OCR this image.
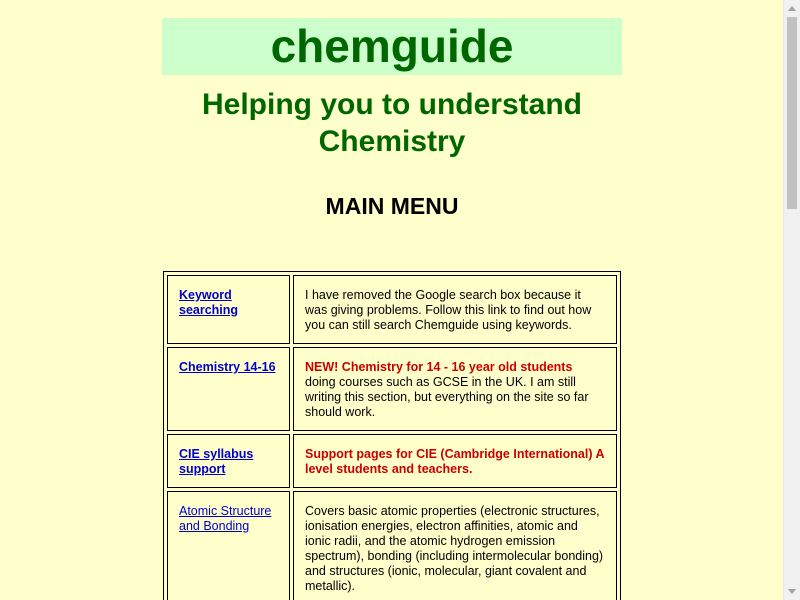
chemguide
Helping you to understand Chemistry
MAIN MENU
Keyword searching	I have removed the Google search box because it was giving problems. Follow this link to find out how you can still search Chemguide using keywords.
Chemistry 14-16	NEW! Chemistry for 14 - 16 year old students doing courses such as GCSE in the UK. I am still writing this section, but everything on the site so far should work.
CIE syllabus support	Support pages for CIE (Cambridge International) A level students and teachers.
Atomic Structure and Bonding	Covers basic atomic properties (electronic structures, ionisation energies, electron affinities, atomic and ionic radii, and the atomic hydrogen emission spectrum), bonding (including intermolecular bonding) and structures (ionic, molecular, giant covalent and metallic).
